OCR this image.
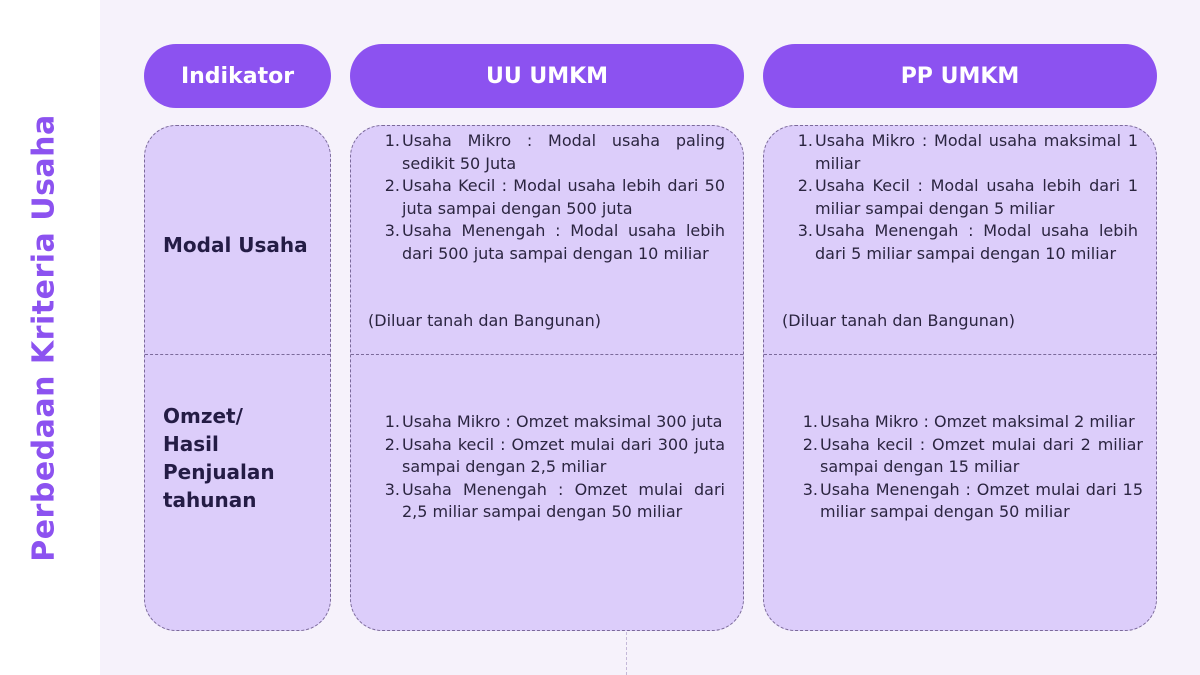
Perbedaan Kriteria Usaha
Indikator	UU UMKM	PP UMKM
Modal Usaha
Omzet/
Hasil
Penjualan
tahunan
1. Usaha Mikro : Modal usaha paling sedikit 50 Juta
2. Usaha Kecil : Modal usaha lebih dari 50 juta sampai dengan 500 juta
3. Usaha Menengah : Modal usaha lebih dari 500 juta sampai dengan 10 miliar
(Diluar tanah dan Bangunan)
1. Usaha Mikro : Modal usaha maksimal 1 miliar
2. Usaha Kecil : Modal usaha lebih dari 1 miliar sampai dengan 5 miliar
3. Usaha Menengah : Modal usaha lebih dari 5 miliar sampai dengan 10 miliar
(Diluar tanah dan Bangunan)
1. Usaha Mikro : Omzet maksimal 300 juta
2. Usaha kecil : Omzet mulai dari 300 juta sampai dengan 2,5 miliar
3. Usaha Menengah : Omzet mulai dari 2,5 miliar sampai dengan 50 miliar
1. Usaha Mikro : Omzet maksimal 2 miliar
2. Usaha kecil : Omzet mulai dari 2 miliar sampai dengan 15 miliar
3. Usaha Menengah : Omzet mulai dari 15 miliar sampai dengan 50 miliar
